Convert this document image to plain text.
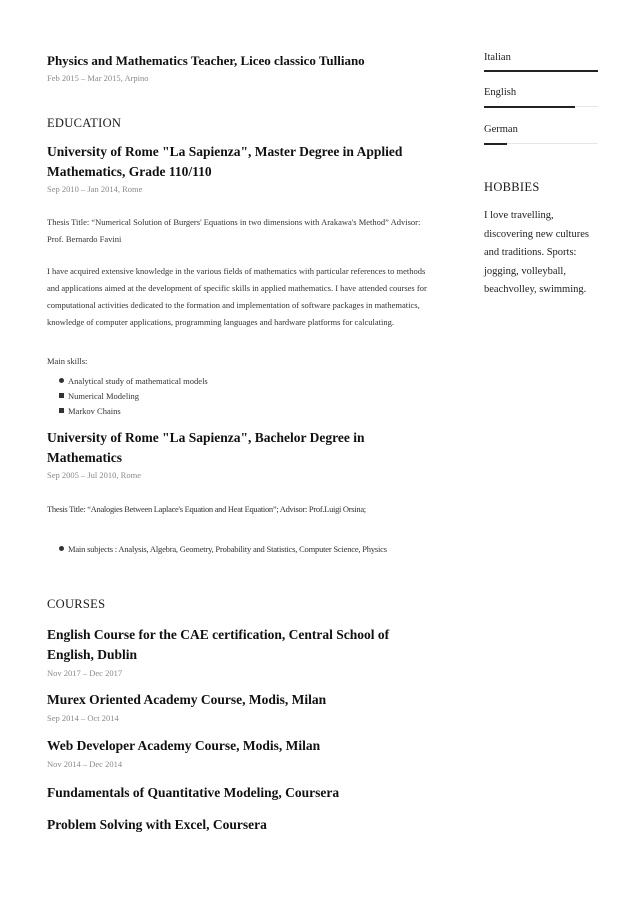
Physics and Mathematics Teacher, Liceo classico Tulliano
Feb 2015 – Mar 2015, Arpino
EDUCATION
University of Rome "La Sapienza", Master Degree in Applied Mathematics, Grade 110/110
Sep 2010 – Jan 2014, Rome
Thesis Title: “Numerical Solution of Burgers' Equations in two dimensions with Arakawa's Method” Advisor: Prof. Bernardo Favini
I have acquired extensive knowledge in the various fields of mathematics with particular references to methods and applications aimed at the development of specific skills in applied mathematics. I have attended courses for computational activities dedicated to the formation and implementation of software packages in mathematics, knowledge of computer applications, programming languages and hardware platforms for calculating.
Main skills:
Analytical study of mathematical models
Numerical Modeling
Markov Chains
University of Rome "La Sapienza", Bachelor Degree in Mathematics
Sep 2005 – Jul 2010, Rome
Thesis Title: “Analogies Between Laplace's Equation and Heat Equation”; Advisor: Prof.Luigi Orsina;
Main subjects : Analysis, Algebra, Geometry, Probability and Statistics, Computer Science, Physics
COURSES
English Course for the CAE certification, Central School of English, Dublin
Nov 2017 – Dec 2017
Murex Oriented Academy Course, Modis, Milan
Sep 2014 – Oct 2014
Web Developer Academy Course, Modis, Milan
Nov 2014 – Dec 2014
Fundamentals of Quantitative Modeling, Coursera
Problem Solving with Excel, Coursera
Italian
English
German
HOBBIES
I love travelling, discovering new cultures and traditions. Sports: jogging, volleyball, beachvolley, swimming.
